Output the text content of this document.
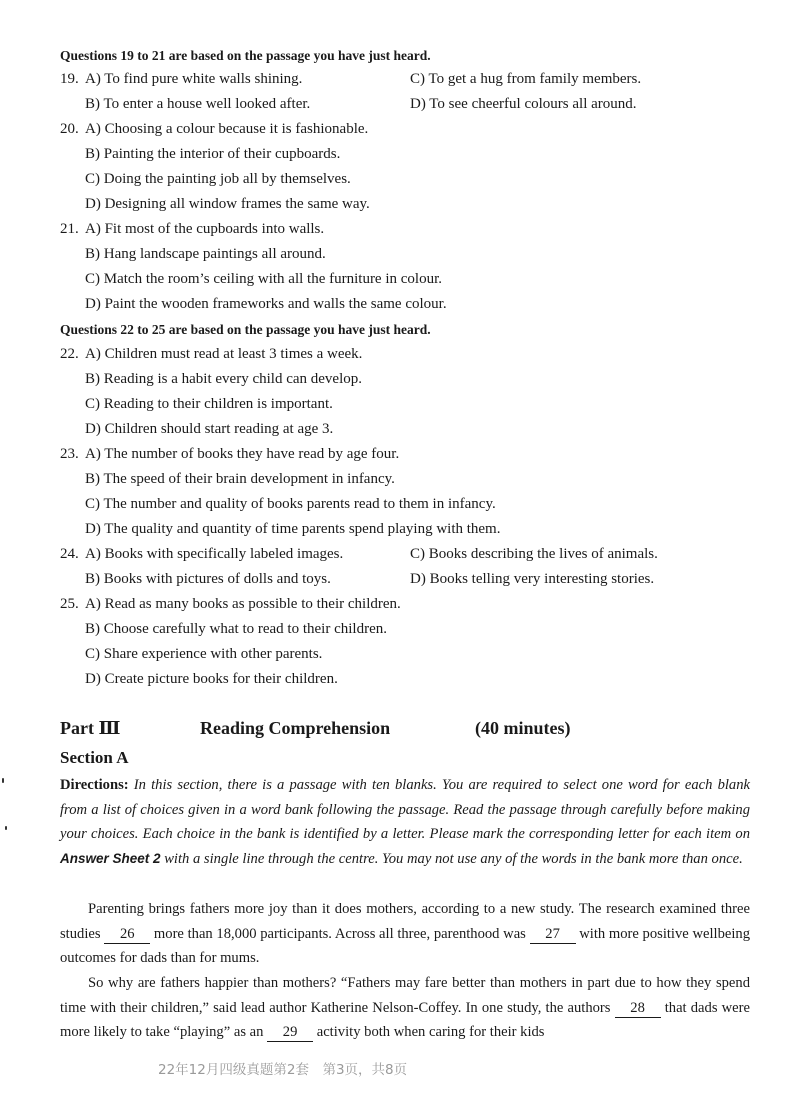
Questions 19 to 21 are based on the passage you have just heard.
19. A) To find pure white walls shining.	C) To get a hug from family members.
B) To enter a house well looked after.	D) To see cheerful colours all around.
20. A) Choosing a colour because it is fashionable.
B) Painting the interior of their cupboards.
C) Doing the painting job all by themselves.
D) Designing all window frames the same way.
21. A) Fit most of the cupboards into walls.
B) Hang landscape paintings all around.
C) Match the room’s ceiling with all the furniture in colour.
D) Paint the wooden frameworks and walls the same colour.
Questions 22 to 25 are based on the passage you have just heard.
22. A) Children must read at least 3 times a week.
B) Reading is a habit every child can develop.
C) Reading to their children is important.
D) Children should start reading at age 3.
23. A) The number of books they have read by age four.
B) The speed of their brain development in infancy.
C) The number and quality of books parents read to them in infancy.
D) The quality and quantity of time parents spend playing with them.
24. A) Books with specifically labeled images.	C) Books describing the lives of animals.
B) Books with pictures of dolls and toys.	D) Books telling very interesting stories.
25. A) Read as many books as possible to their children.
B) Choose carefully what to read to their children.
C) Share experience with other parents.
D) Create picture books for their children.
Part Ⅲ	Reading Comprehension	(40 minutes)
Section A
Directions: In this section, there is a passage with ten blanks. You are required to select one word for each blank from a list of choices given in a word bank following the passage. Read the passage through carefully before making your choices. Each choice in the bank is identified by a letter. Please mark the corresponding letter for each item on Answer Sheet 2 with a single line through the centre. You may not use any of the words in the bank more than once.
Parenting brings fathers more joy than it does mothers, according to a new study. The research examined three studies 26 more than 18,000 participants. Across all three, parenthood was 27 with more positive wellbeing outcomes for dads than for mums.
So why are fathers happier than mothers? “Fathers may fare better than mothers in part due to how they spend time with their children,” said lead author Katherine Nelson-Coffey. In one study, the authors 28 that dads were more likely to take “playing” as an 29 activity both when caring for their kids
22年12月四级真题第2套　第3页，共8页
